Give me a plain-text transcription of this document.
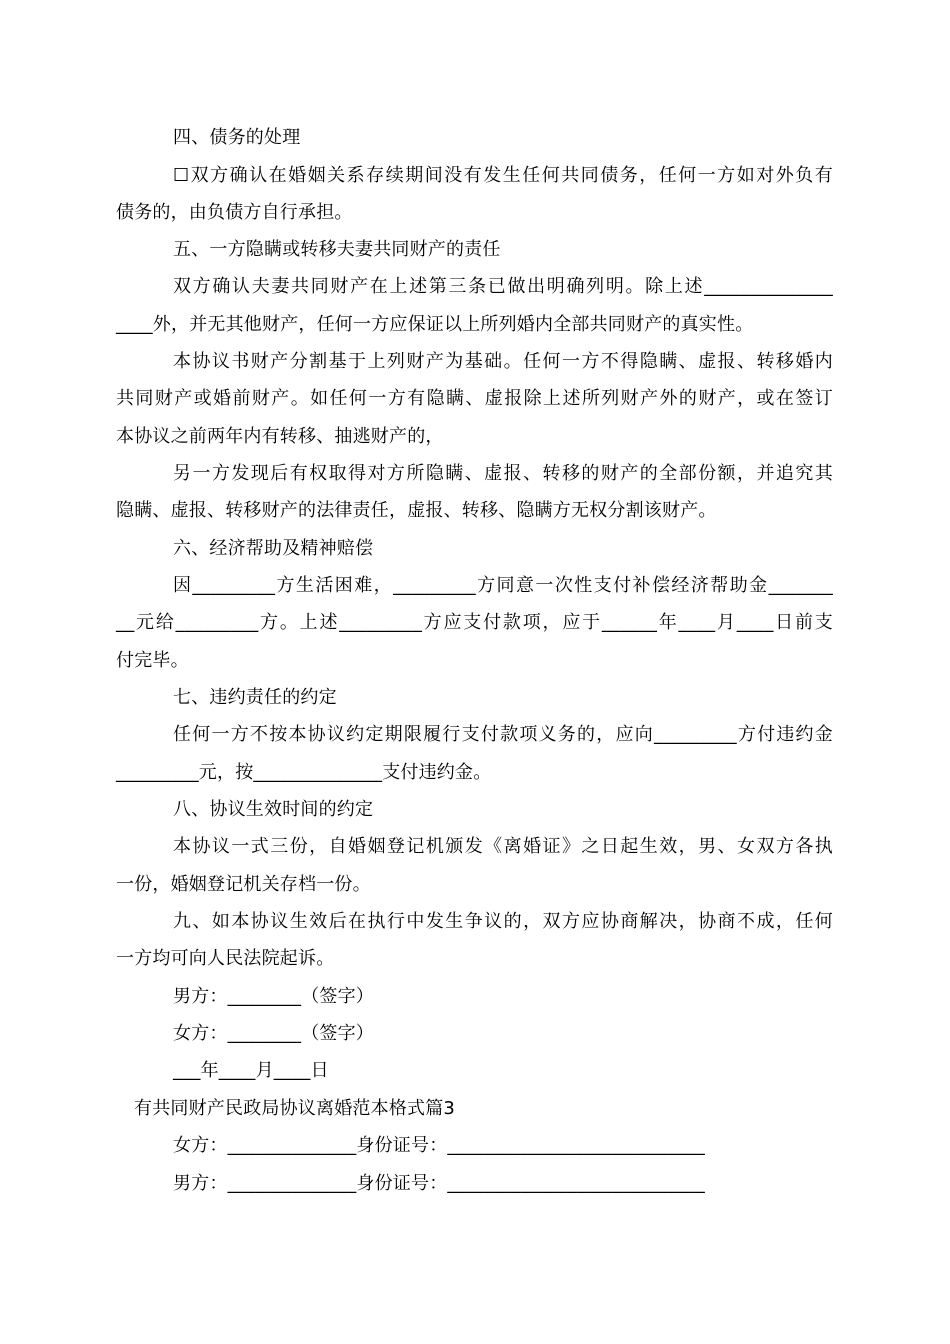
四、债务的处理
☐双方确认在婚姻关系存续期间没有发生任何共同债务，任何一方如对外负有
债务的，由负债方自行承担。
五、一方隐瞒或转移夫妻共同财产的责任
双方确认夫妻共同财产在上述第三条已做出明确列明。除上述______________
____外，并无其他财产，任何一方应保证以上所列婚内全部共同财产的真实性。
本协议书财产分割基于上列财产为基础。任何一方不得隐瞒、虚报、转移婚内
共同财产或婚前财产。如任何一方有隐瞒、虚报除上述所列财产外的财产，或在签订
本协议之前两年内有转移、抽逃财产的，
另一方发现后有权取得对方所隐瞒、虚报、转移的财产的全部份额，并追究其
隐瞒、虚报、转移财产的法律责任，虚报、转移、隐瞒方无权分割该财产。
六、经济帮助及精神赔偿
因_________方生活困难，_________方同意一次性支付补偿经济帮助金_______
__元给_________方。上述_________方应支付款项，应于______年____月____日前支
付完毕。
七、违约责任的约定
任何一方不按本协议约定期限履行支付款项义务的，应向_________方付违约金
_________元，按______________支付违约金。
八、协议生效时间的约定
本协议一式三份，自婚姻登记机颁发《离婚证》之日起生效，男、女双方各执
一份，婚姻登记机关存档一份。
九、如本协议生效后在执行中发生争议的，双方应协商解决，协商不成，任何
一方均可向人民法院起诉。
男方：________（签字）
女方：________（签字）
___年____月____日
有共同财产民政局协议离婚范本格式篇3
女方：______________身份证号：____________________________
男方：______________身份证号：____________________________
